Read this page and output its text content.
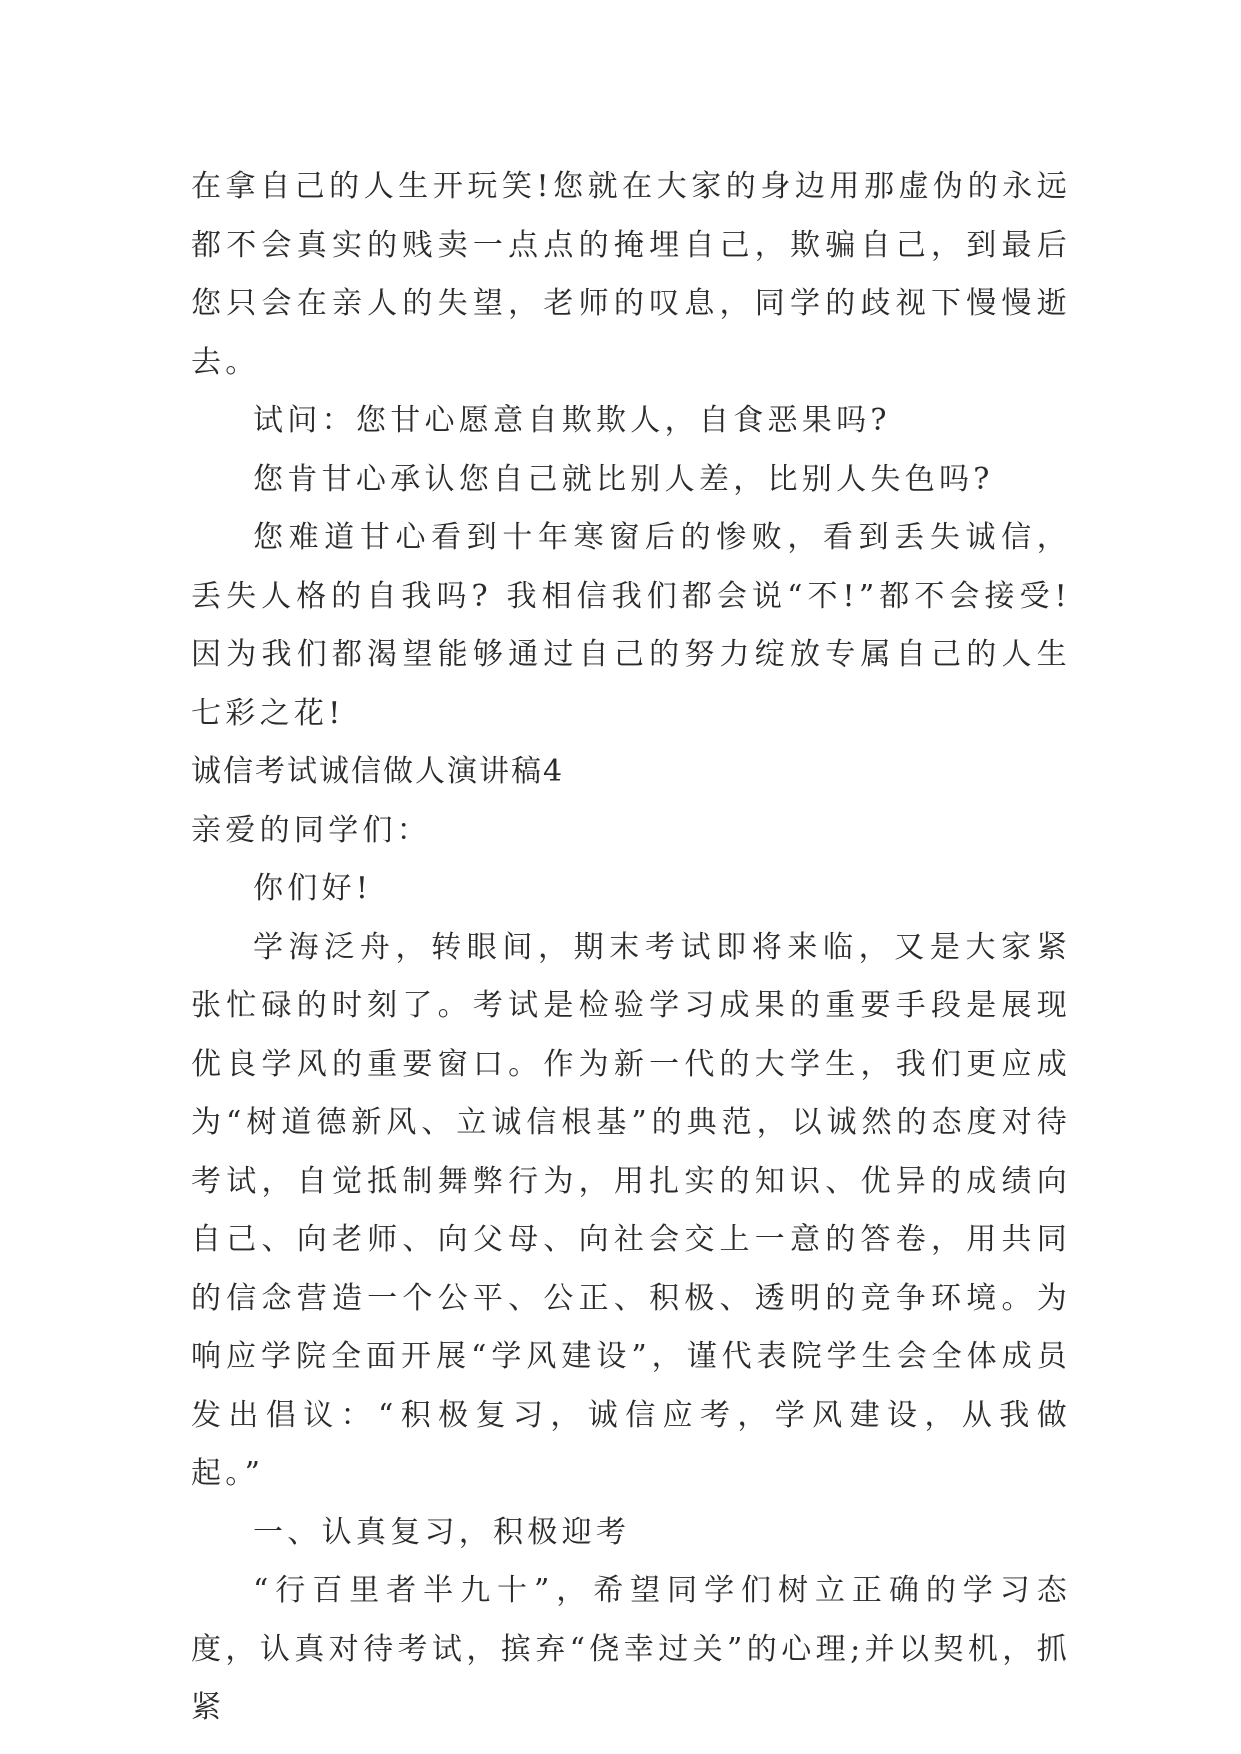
在拿自己的人生开玩笑!您就在大家的身边用那虚伪的永远都不会真实的贱卖一点点的掩埋自己，欺骗自己，到最后您只会在亲人的失望，老师的叹息，同学的歧视下慢慢逝去。

试问：您甘心愿意自欺欺人，自食恶果吗?

您肯甘心承认您自己就比别人差，比别人失色吗?

您难道甘心看到十年寒窗后的惨败，看到丢失诚信，丢失人格的自我吗? 我相信我们都会说“不!”都不会接受!因为我们都渴望能够通过自己的努力绽放专属自己的人生七彩之花!

诚信考试诚信做人演讲稿4

亲爱的同学们：

你们好!

学海泛舟，转眼间，期末考试即将来临，又是大家紧张忙碌的时刻了。考试是检验学习成果的重要手段是展现优良学风的重要窗口。作为新一代的大学生，我们更应成为“树道德新风、立诚信根基”的典范，以诚然的态度对待考试，自觉抵制舞弊行为，用扎实的知识、优异的成绩向自己、向老师、向父母、向社会交上一意的答卷，用共同的信念营造一个公平、公正、积极、透明的竞争环境。为响应学院全面开展“学风建设”，谨代表院学生会全体成员发出倡议：“积极复习，诚信应考，学风建设，从我做起。”

一、认真复习，积极迎考

“行百里者半九十”，希望同学们树立正确的学习态度，认真对待考试，摈弃“侥幸过关”的心理;并以契机，抓紧
